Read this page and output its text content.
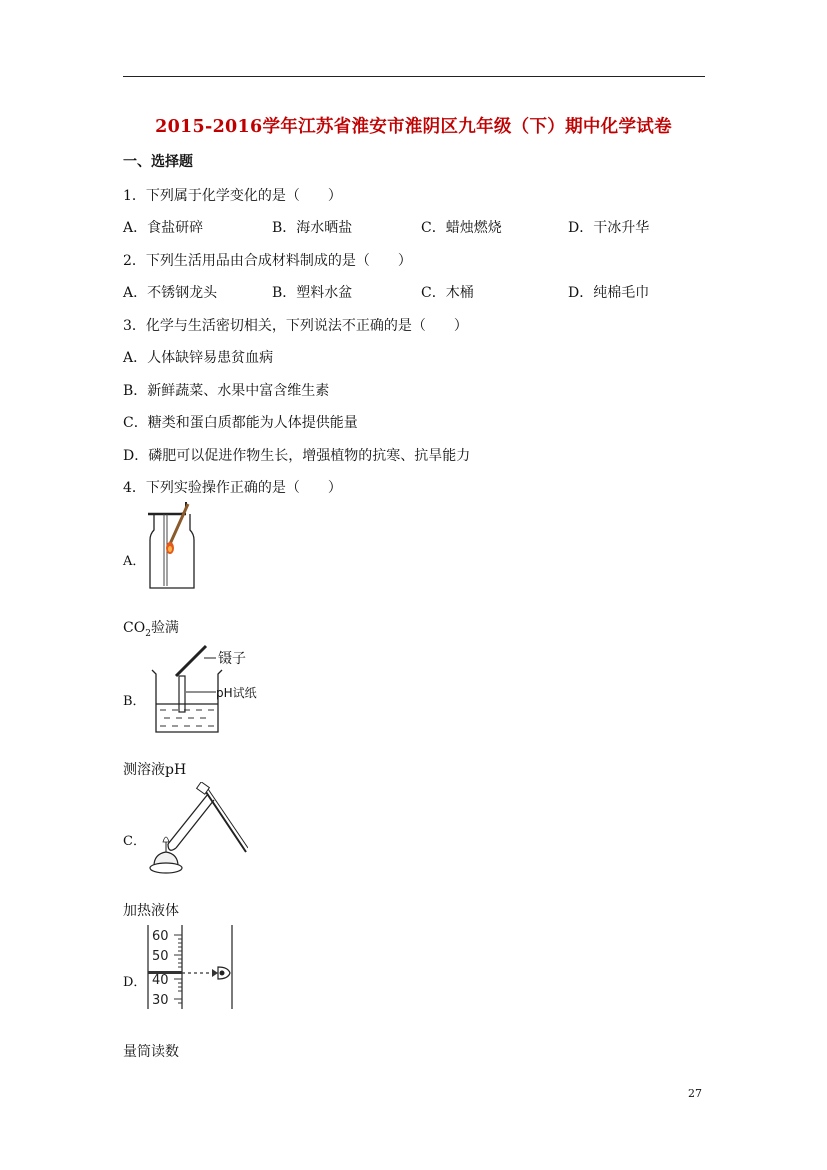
2015-2016学年江苏省淮安市淮阴区九年级（下）期中化学试卷
一、选择题
1．下列属于化学变化的是（　　）
A．食盐研碎	B．海水晒盐	C．蜡烛燃烧	D．干冰升华
2．下列生活用品由合成材料制成的是（　　）
A．不锈钢龙头	B．塑料水盆	C．木桶	D．纯棉毛巾
3．化学与生活密切相关，下列说法不正确的是（　　）
A．人体缺锌易患贫血病
B．新鲜蔬菜、水果中富含维生素
C．糖类和蛋白质都能为人体提供能量
D．磷肥可以促进作物生长，增强植物的抗寒、抗旱能力
4．下列实验操作正确的是（　　）
A．
$CO_2$验满
B．
镊子
pH试纸
测溶液pH
C．
加热液体
D．
60
50
40
30
量筒读数
27
